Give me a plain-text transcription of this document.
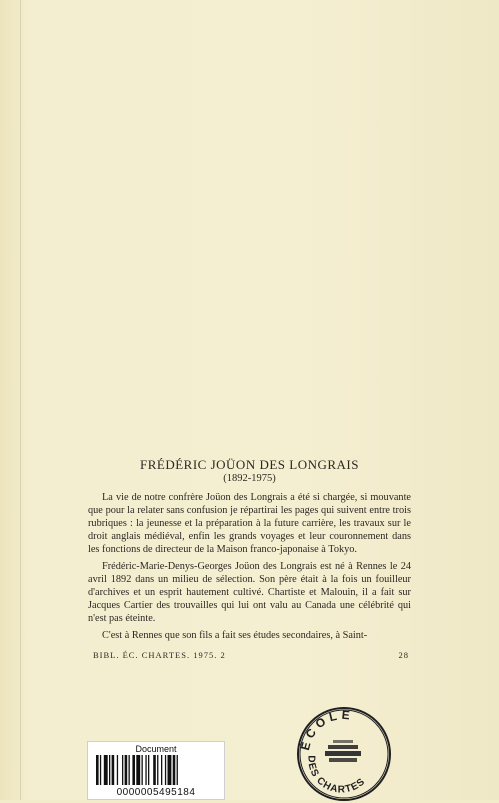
FRÉDÉRIC JOÜON DES LONGRAIS
(1892-1975)

La vie de notre confrère Joüon des Longrais a été si chargée, si mouvante que pour la relater sans confusion je répartirai les pages qui suivent entre trois rubriques : la jeunesse et la préparation à la future carrière, les travaux sur le droit anglais médiéval, enfin les grands voyages et leur couronnement dans les fonctions de directeur de la Maison franco-japonaise à Tokyo.

Frédéric-Marie-Denys-Georges Joüon des Longrais est né à Rennes le 24 avril 1892 dans un milieu de sélection. Son père était à la fois un fouilleur d'archives et un esprit hautement cultivé. Chartiste et Malouin, il a fait sur Jacques Cartier des trouvailles qui lui ont valu au Canada une célébrité qui n'est pas éteinte.

C'est à Rennes que son fils a fait ses études secondaires, à Saint-
BIBL. ÉC. CHARTES. 1975. 2	28
Document
0000005495184
ÉCOLE
DES CHARTES
